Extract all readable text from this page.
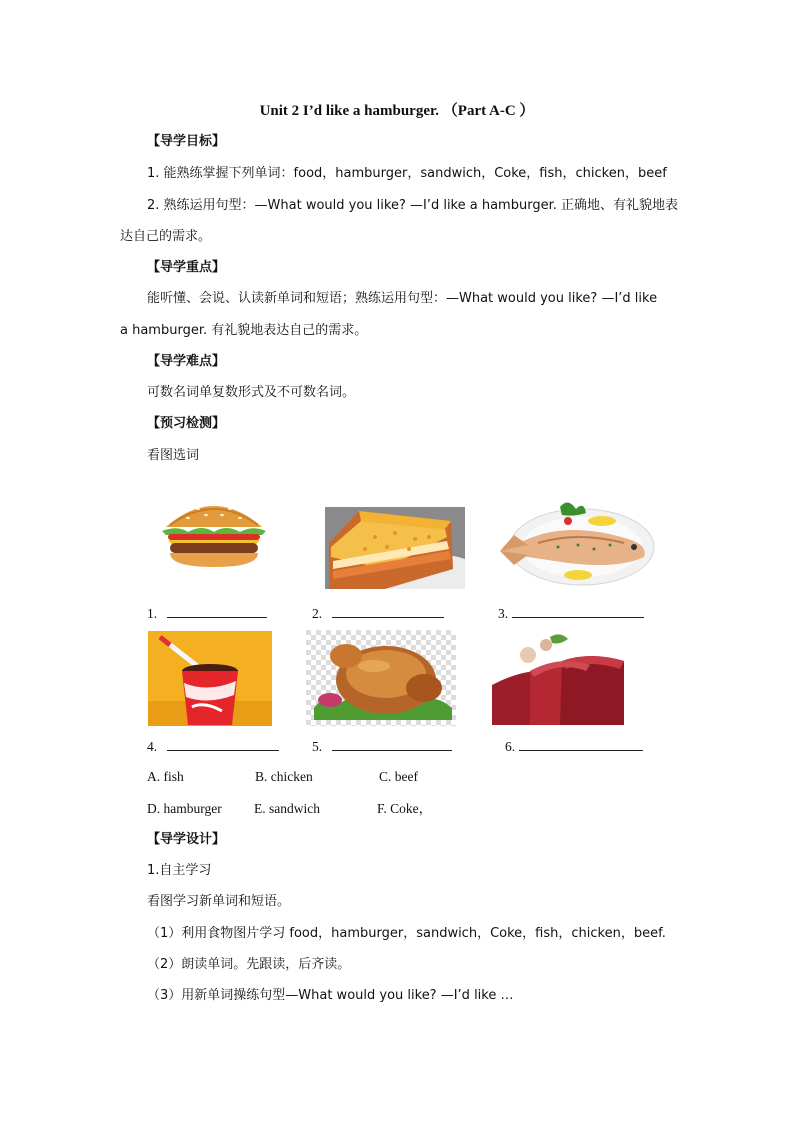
Unit 2 I’d like a hamburger. （Part A-C ）
【导学目标】
1. 能熟练掌握下列单词：food，hamburger，sandwich，Coke，fish，chicken，beef
2. 熟练运用句型：—What would you like? —I’d like a hamburger. 正确地、有礼貌地表
达自己的需求。
【导学重点】
能听懂、会说、认读新单词和短语；熟练运用句型：—What would you like? —I’d like
a hamburger. 有礼貌地表达自己的需求。
【导学难点】
可数名词单复数形式及不可数名词。
【预习检测】
看图选词
1.	2.	3.
4.	5.	6.
A. fish	B. chicken	C. beef
D. hamburger E. sandwich	F. Coke，
【导学设计】
1.自主学习
看图学习新单词和短语。
（1）利用食物图片学习 food，hamburger，sandwich，Coke，fish，chicken，beef.
（2）朗读单词。先跟读，后齐读。
（3）用新单词操练句型—What would you like? —I’d like …
